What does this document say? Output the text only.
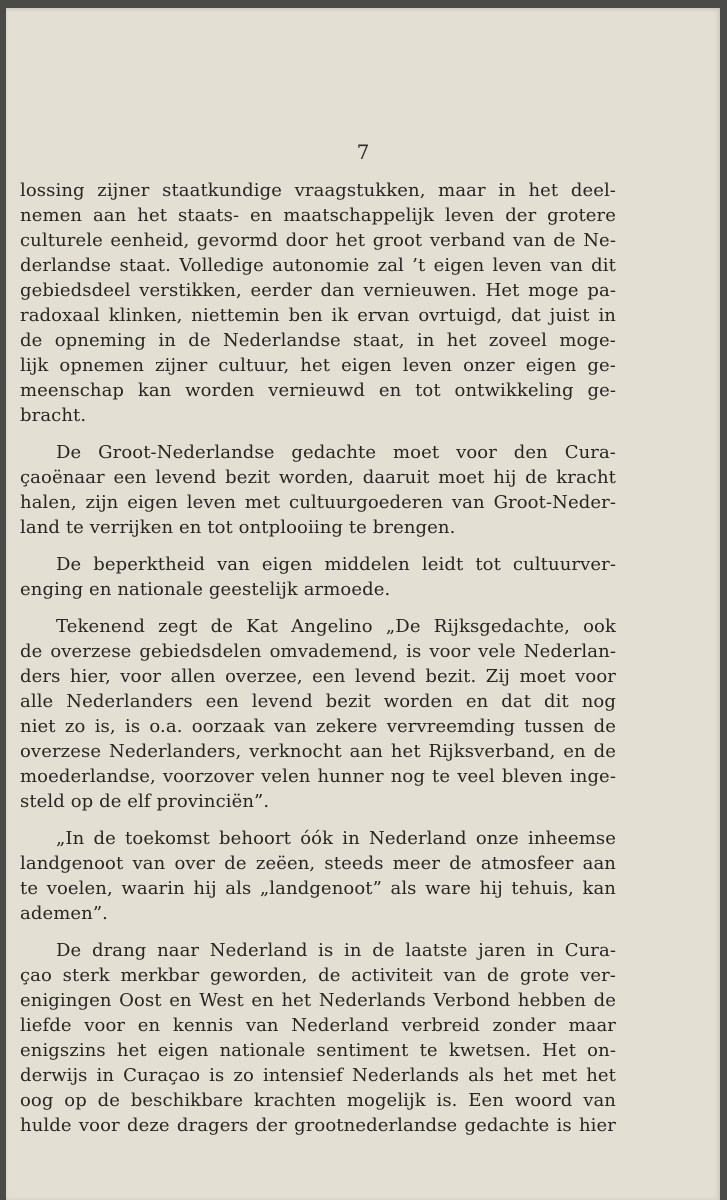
7
lossing zijner staatkundige vraagstukken, maar in het deel-
nemen aan het staats- en maatschappelijk leven der grotere
culturele eenheid, gevormd door het groot verband van de Ne-
derlandse staat. Volledige autonomie zal ’t eigen leven van dit
gebiedsdeel verstikken, eerder dan vernieuwen. Het moge pa-
radoxaal klinken, niettemin ben ik ervan ovrtuigd, dat juist in
de opneming in de Nederlandse staat, in het zoveel moge-
lijk opnemen zijner cultuur, het eigen leven onzer eigen ge-
meenschap kan worden vernieuwd en tot ontwikkeling ge-
bracht.
De Groot-Nederlandse gedachte moet voor den Cura-
çaoënaar een levend bezit worden, daaruit moet hij de kracht
halen, zijn eigen leven met cultuurgoederen van Groot-Neder-
land te verrijken en tot ontplooiing te brengen.
De beperktheid van eigen middelen leidt tot cultuurver-
enging en nationale geestelijk armoede.
Tekenend zegt de Kat Angelino „De Rijksgedachte, ook
de overzese gebiedsdelen omvademend, is voor vele Nederlan-
ders hier, voor allen overzee, een levend bezit. Zij moet voor
alle Nederlanders een levend bezit worden en dat dit nog
niet zo is, is o.a. oorzaak van zekere vervreemding tussen de
overzese Nederlanders, verknocht aan het Rijksverband, en de
moederlandse, voorzover velen hunner nog te veel bleven inge-
steld op de elf provinciën”.
„In de toekomst behoort óók in Nederland onze inheemse
landgenoot van over de zeëen, steeds meer de atmosfeer aan
te voelen, waarin hij als „landgenoot” als ware hij tehuis, kan
ademen”.
De drang naar Nederland is in de laatste jaren in Cura-
çao sterk merkbar geworden, de activiteit van de grote ver-
enigingen Oost en West en het Nederlands Verbond hebben de
liefde voor en kennis van Nederland verbreid zonder maar
enigszins het eigen nationale sentiment te kwetsen. Het on-
derwijs in Curaçao is zo intensief Nederlands als het met het
oog op de beschikbare krachten mogelijk is. Een woord van
hulde voor deze dragers der grootnederlandse gedachte is hier
